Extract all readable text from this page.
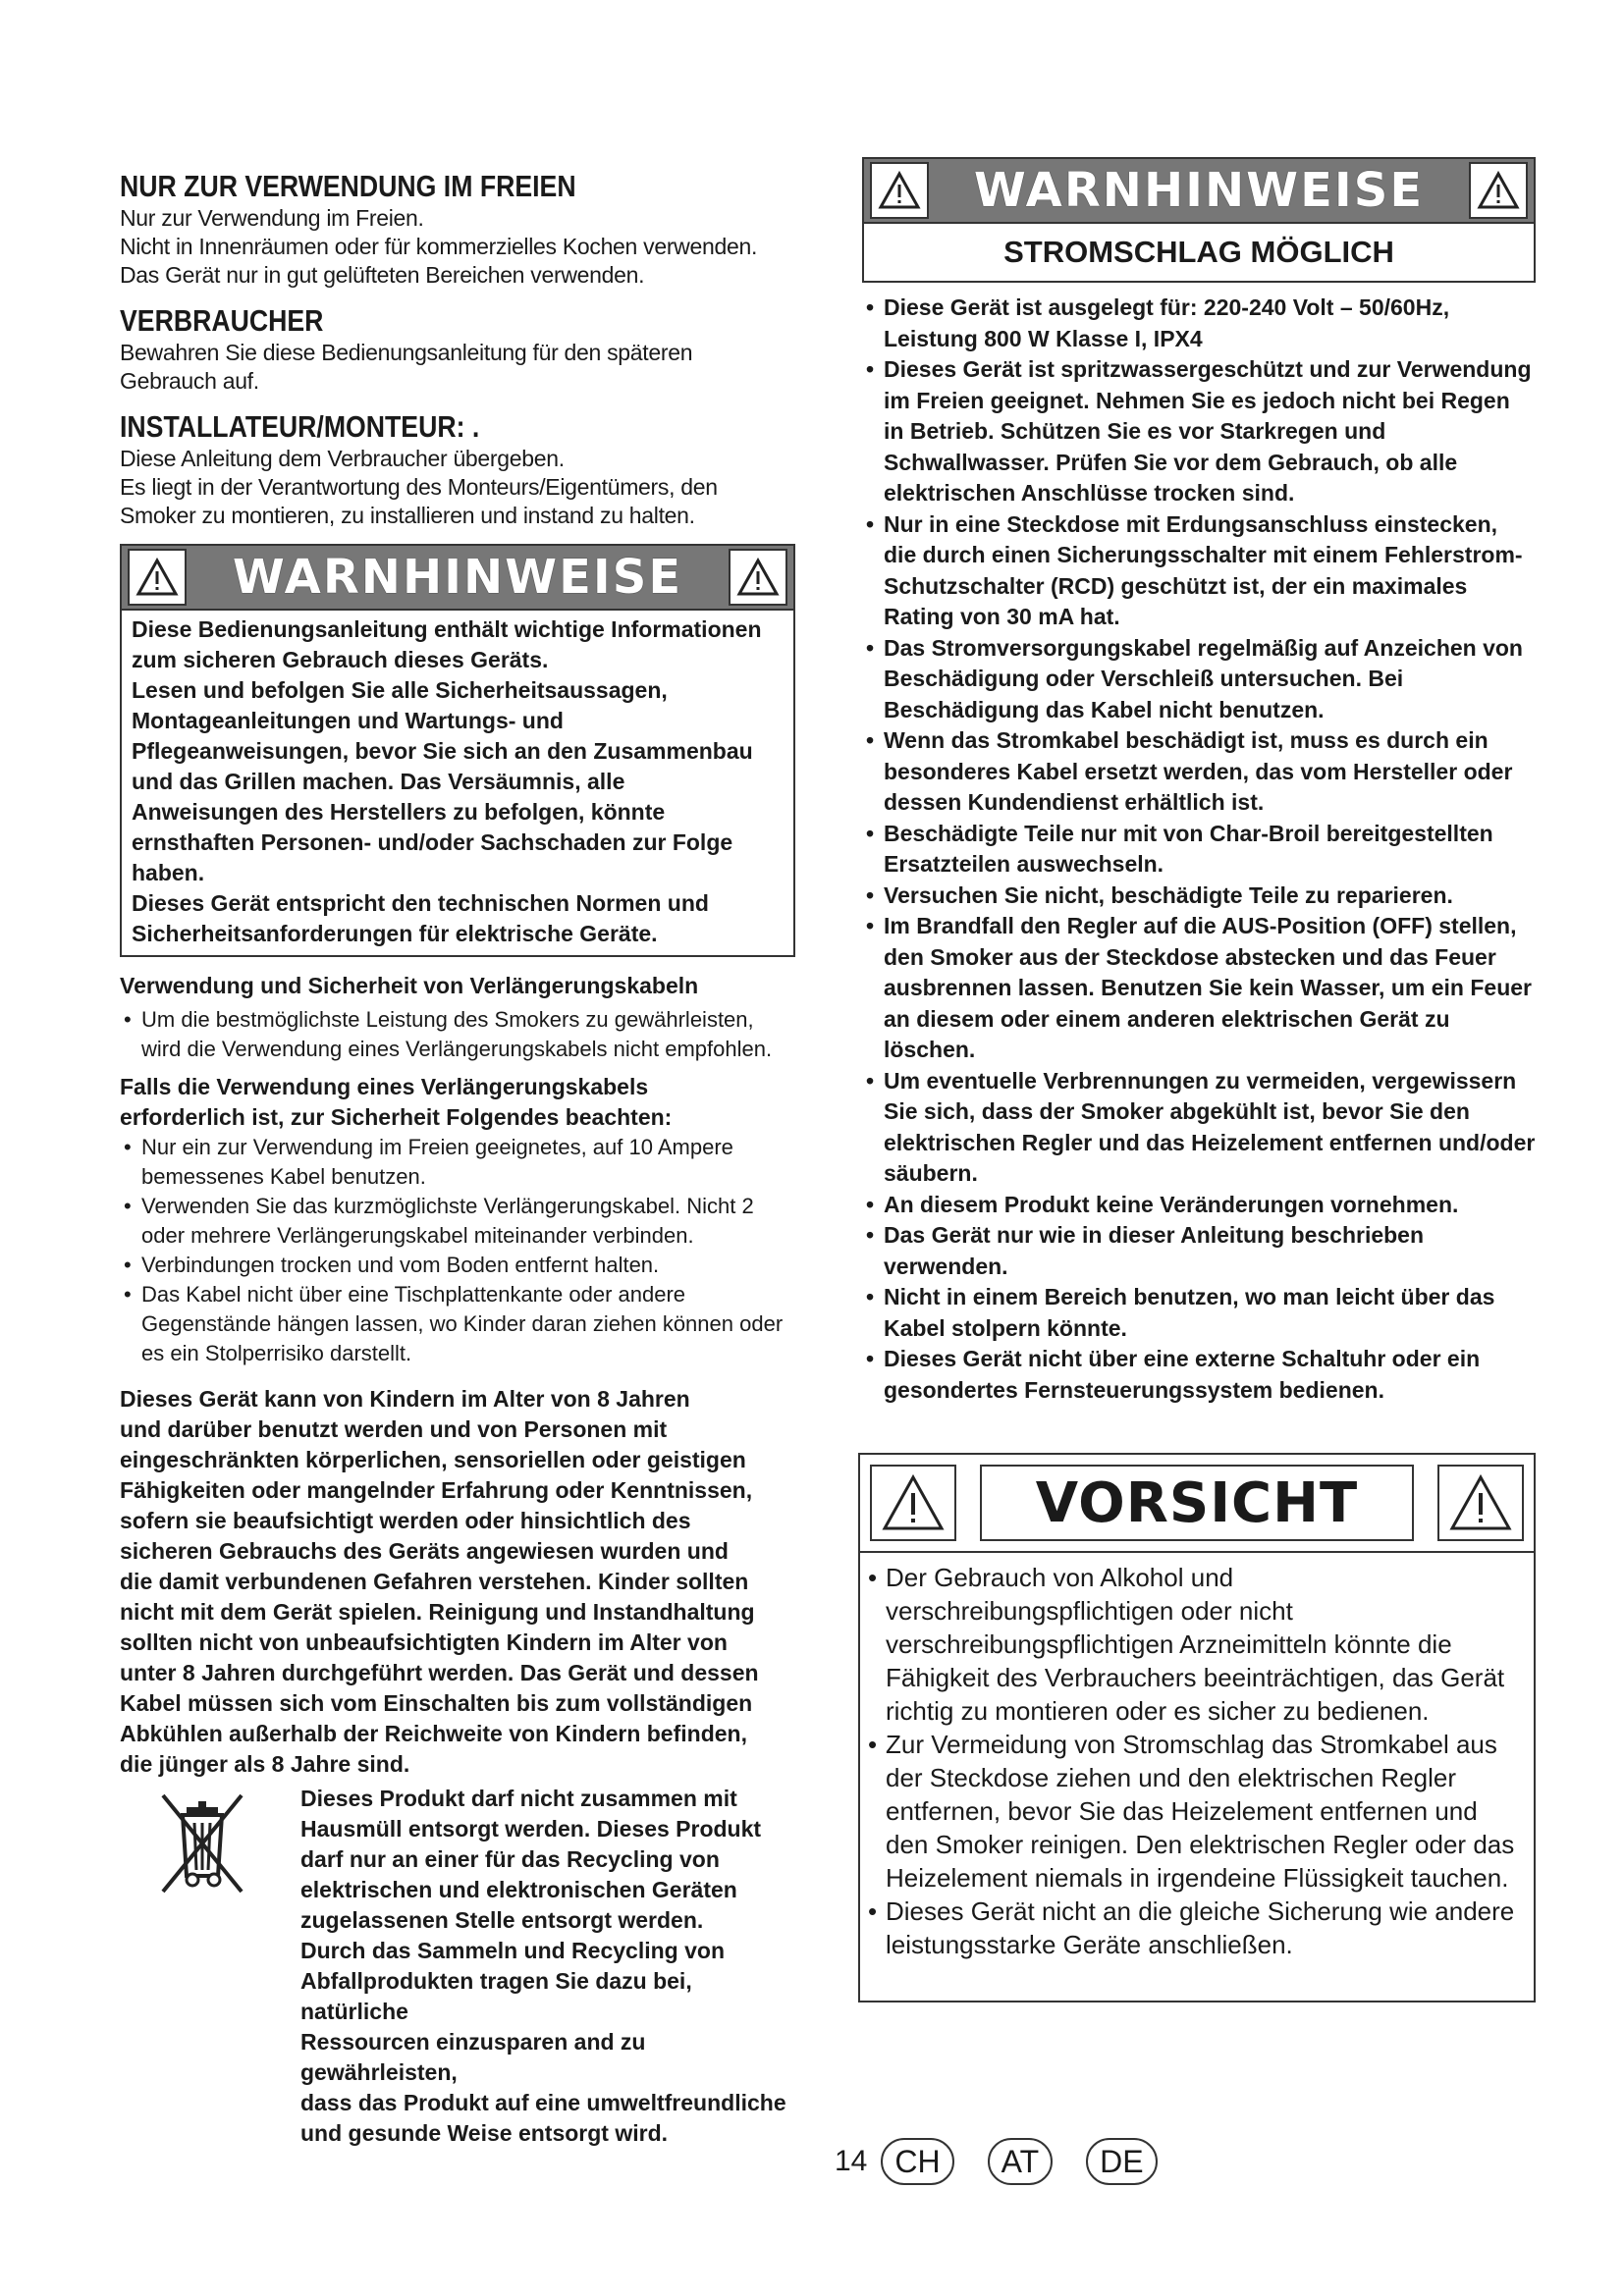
NUR ZUR VERWENDUNG IM FREIEN

Nur zur Verwendung im Freien.

Nicht in Innenräumen oder für kommerzielles Kochen verwenden.

Das Gerät nur in gut gelüfteten Bereichen verwenden.

VERBRAUCHER

Bewahren Sie diese Bedienungsanleitung für den späteren

Gebrauch auf.

INSTALLATEUR/MONTEUR: .

Diese Anleitung dem Verbraucher übergeben.

Es liegt in der Verantwortung des Monteurs/Eigentümers, den

Smoker zu montieren, zu installieren und instand zu halten.

WARNHINWEISE

Diese Bedienungsanleitung enthält wichtige Informationen

zum sicheren Gebrauch dieses Geräts.

Lesen und befolgen Sie alle Sicherheitsaussagen,

Montageanleitungen und Wartungs- und

Pflegeanweisungen, bevor Sie sich an den Zusammenbau

und das Grillen machen. Das Versäumnis, alle

Anweisungen des Herstellers zu befolgen, könnte

ernsthaften Personen- und/oder Sachschaden zur Folge

haben.

Dieses Gerät entspricht den technischen Normen und

Sicherheitsanforderungen für elektrische Geräte.

Verwendung und Sicherheit von Verlängerungskabeln

• Um die bestmöglichste Leistung des Smokers zu gewährleisten, wird die Verwendung eines Verlängerungskabels nicht empfohlen.

Falls die Verwendung eines Verlängerungskabels

erforderlich ist, zur Sicherheit Folgendes beachten:

• Nur ein zur Verwendung im Freien geeignetes, auf 10 Ampere bemessenes Kabel benutzen.
• Verwenden Sie das kurzmöglichste Verlängerungskabel. Nicht 2 oder mehrere Verlängerungskabel miteinander verbinden.
• Verbindungen trocken und vom Boden entfernt halten.
• Das Kabel nicht über eine Tischplattenkante oder andere Gegenstände hängen lassen, wo Kinder daran ziehen können oder es ein Stolperrisiko darstellt.

Dieses Gerät kann von Kindern im Alter von 8 Jahren

und darüber benutzt werden und von Personen mit

eingeschränkten körperlichen, sensoriellen oder geistigen

Fähigkeiten oder mangelnder Erfahrung oder Kenntnissen,

sofern sie beaufsichtigt werden oder hinsichtlich des

sicheren Gebrauchs des Geräts angewiesen wurden und

die damit verbundenen Gefahren verstehen. Kinder sollten

nicht mit dem Gerät spielen. Reinigung und Instandhaltung

sollten nicht von unbeaufsichtigten Kindern im Alter von

unter 8 Jahren durchgeführt werden. Das Gerät und dessen

Kabel müssen sich vom Einschalten bis zum vollständigen

Abkühlen außerhalb der Reichweite von Kindern befinden,

die jünger als 8 Jahre sind.

Dieses Produkt darf nicht zusammen mit

Hausmüll entsorgt werden. Dieses Produkt

darf nur an einer für das Recycling von

elektrischen und elektronischen Geräten

zugelassenen Stelle entsorgt werden.

Durch das Sammeln und Recycling von

Abfallprodukten tragen Sie dazu bei, natürliche

Ressourcen einzusparen and zu gewährleisten,

dass das Produkt auf eine umweltfreundliche

und gesunde Weise entsorgt wird.

WARNHINWEISE
STROMSCHLAG MÖGLICH
• Diese Gerät ist ausgelegt für: 220-240 Volt – 50/60Hz, Leistung 800 W Klasse I, IPX4
• Dieses Gerät ist spritzwassergeschützt und zur Verwendung im Freien geeignet. Nehmen Sie es jedoch nicht bei Regen in Betrieb. Schützen Sie es vor Starkregen und Schwallwasser. Prüfen Sie vor dem Gebrauch, ob alle elektrischen Anschlüsse trocken sind.
• Nur in eine Steckdose mit Erdungsanschluss einstecken, die durch einen Sicherungsschalter mit einem Fehlerstrom-Schutzschalter (RCD) geschützt ist, der ein maximales Rating von 30 mA hat.
• Das Stromversorgungskabel regelmäßig auf Anzeichen von Beschädigung oder Verschleiß untersuchen. Bei Beschädigung das Kabel nicht benutzen.
• Wenn das Stromkabel beschädigt ist, muss es durch ein besonderes Kabel ersetzt werden, das vom Hersteller oder dessen Kundendienst erhältlich ist.
• Beschädigte Teile nur mit von Char-Broil bereitgestellten Ersatzteilen auswechseln.
• Versuchen Sie nicht, beschädigte Teile zu reparieren.
• Im Brandfall den Regler auf die AUS-Position (OFF) stellen, den Smoker aus der Steckdose abstecken und das Feuer ausbrennen lassen. Benutzen Sie kein Wasser, um ein Feuer an diesem oder einem anderen elektrischen Gerät zu löschen.
• Um eventuelle Verbrennungen zu vermeiden, vergewissern Sie sich, dass der Smoker abgekühlt ist, bevor Sie den elektrischen Regler und das Heizelement entfernen und/oder säubern.
• An diesem Produkt keine Veränderungen vornehmen.
• Das Gerät nur wie in dieser Anleitung beschrieben verwenden.
• Nicht in einem Bereich benutzen, wo man leicht über das Kabel stolpern könnte.
• Dieses Gerät nicht über eine externe Schaltuhr oder ein gesondertes Fernsteuerungssystem bedienen.
VORSICHT
• Der Gebrauch von Alkohol und verschreibungspflichtigen oder nicht verschreibungspflichtigen Arzneimitteln könnte die Fähigkeit des Verbrauchers beeinträchtigen, das Gerät richtig zu montieren oder es sicher zu bedienen.
• Zur Vermeidung von Stromschlag das Stromkabel aus der Steckdose ziehen und den elektrischen Regler entfernen, bevor Sie das Heizelement entfernen und den Smoker reinigen. Den elektrischen Regler oder das Heizelement niemals in irgendeine Flüssigkeit tauchen.
• Dieses Gerät nicht an die gleiche Sicherung wie andere leistungsstarke Geräte anschließen.
14 CH	AT	DE
